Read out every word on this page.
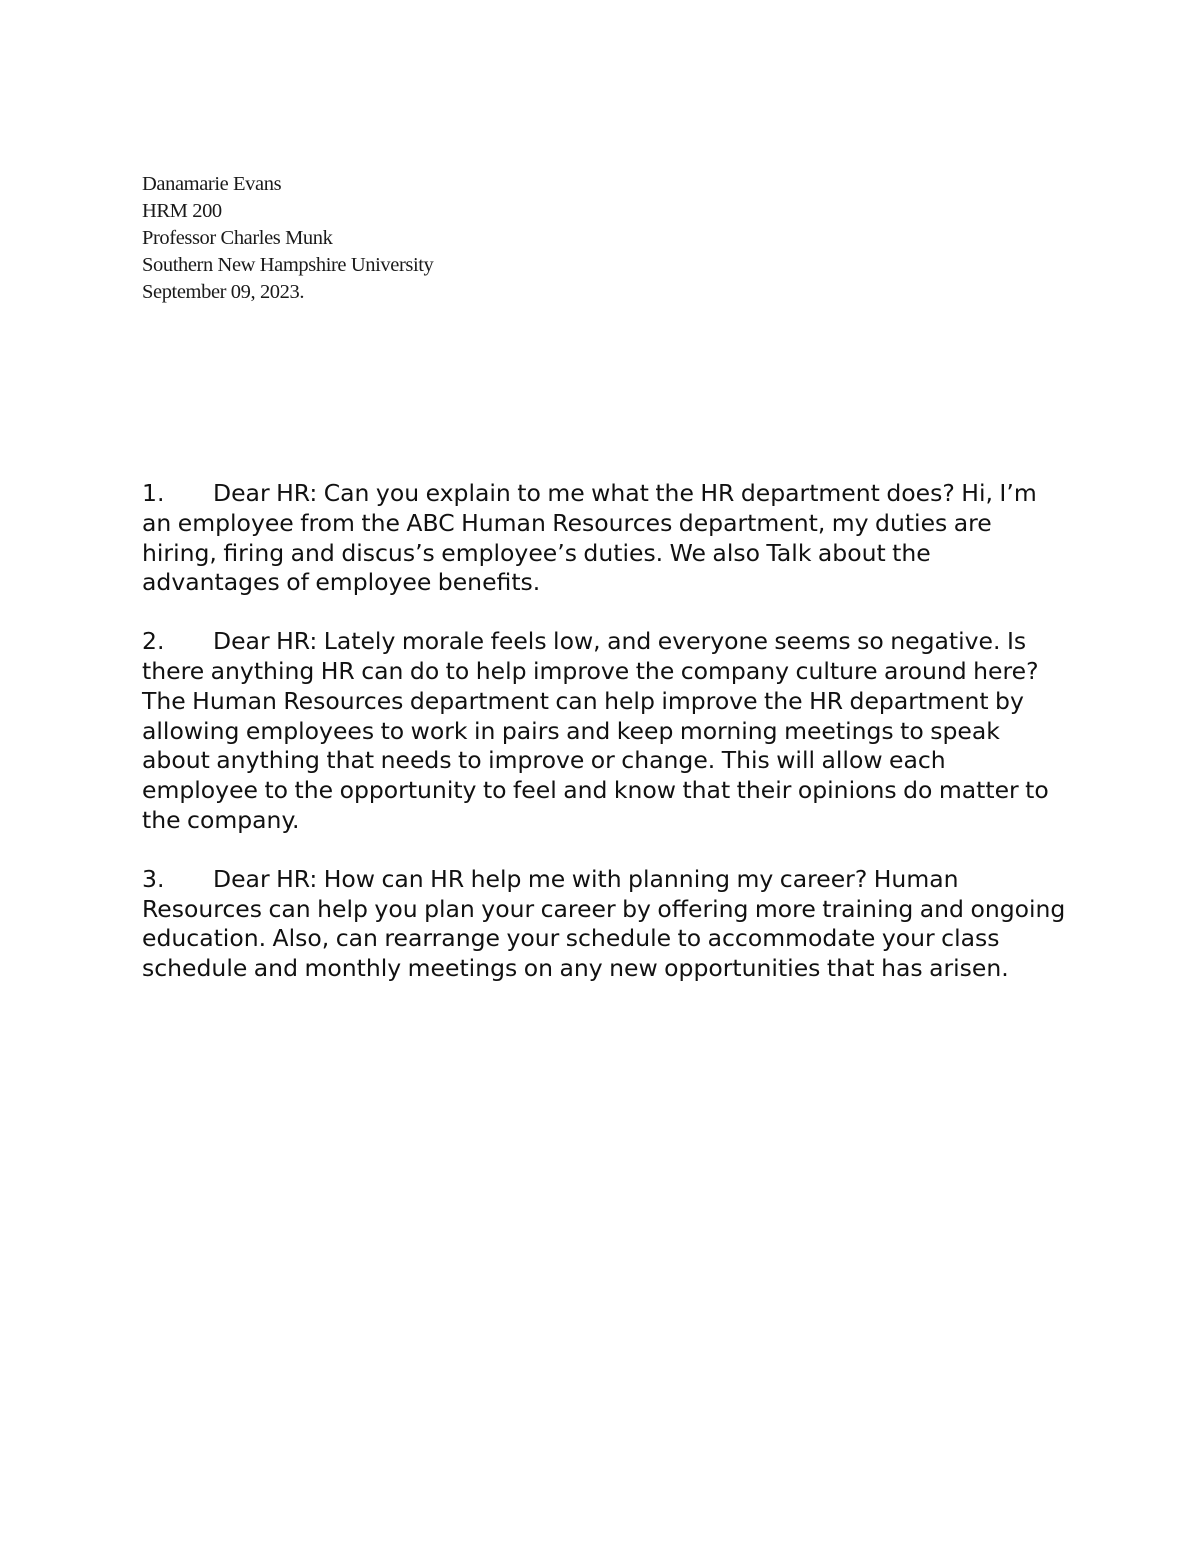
Danamarie Evans
HRM 200
Professor Charles Munk
Southern New Hampshire University
September 09, 2023.
1. Dear HR: Can you explain to me what the HR department does? Hi, I’m an employee from the ABC Human Resources department, my duties are hiring, firing and discus’s employee’s duties. We also Talk about the advantages of employee benefits.
2. Dear HR: Lately morale feels low, and everyone seems so negative. Is there anything HR can do to help improve the company culture around here? The Human Resources department can help improve the HR department by allowing employees to work in pairs and keep morning meetings to speak about anything that needs to improve or change. This will allow each employee to the opportunity to feel and know that their opinions do matter to the company.
3. Dear HR: How can HR help me with planning my career? Human Resources can help you plan your career by offering more training and ongoing education. Also, can rearrange your schedule to accommodate your class schedule and monthly meetings on any new opportunities that has arisen.
